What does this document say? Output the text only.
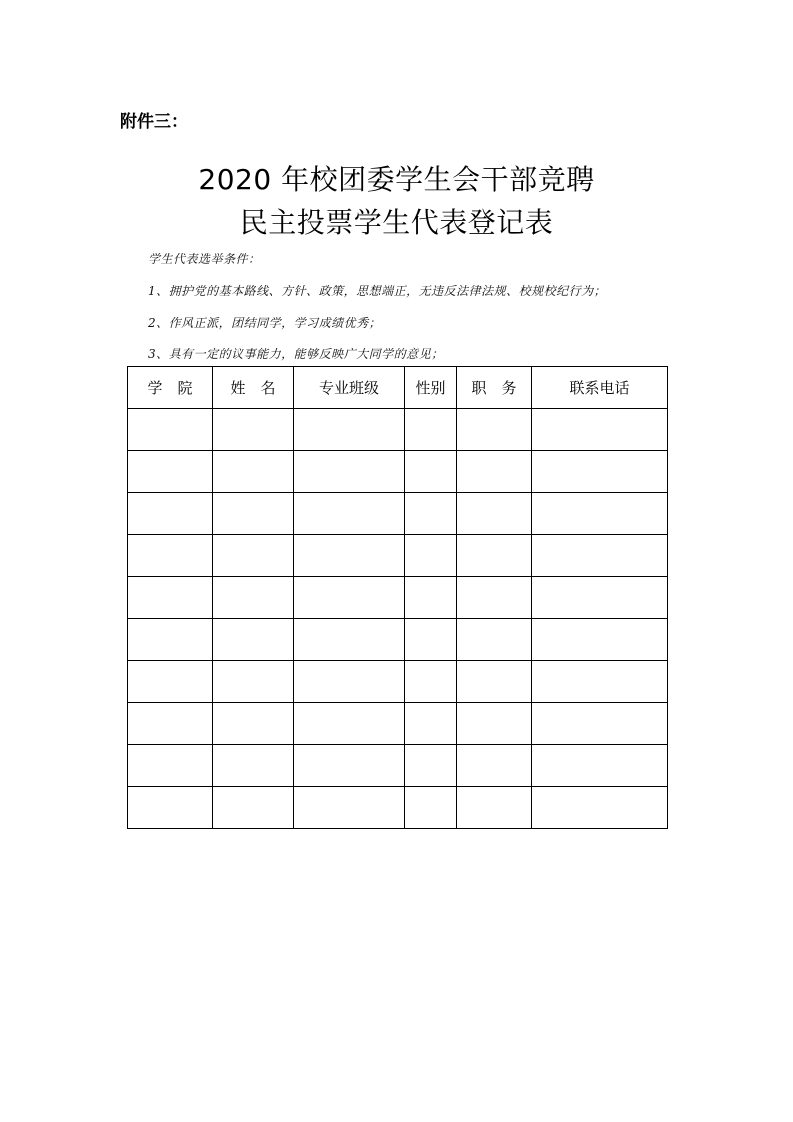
附件三：
2020 年校团委学生会干部竞聘
民主投票学生代表登记表
学生代表选举条件：
1、拥护党的基本路线、方针、政策，思想端正，无违反法律法规、校规校纪行为；
2、作风正派，团结同学，学习成绩优秀；
3、具有一定的议事能力，能够反映广大同学的意见；
学　院	姓　名	专业班级	性别	职　务	联系电话
